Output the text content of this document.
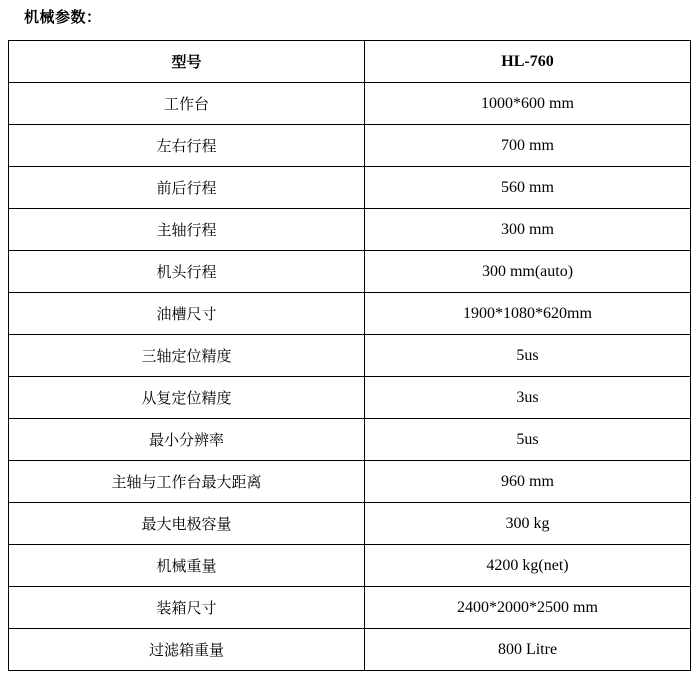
机械参数：
型号	HL-760
工作台	1000*600 mm
左右行程	700 mm
前后行程	560 mm
主轴行程	300 mm
机头行程	300 mm(auto)
油槽尺寸	1900*1080*620mm
三轴定位精度	5us
从复定位精度	3us
最小分辨率	5us
主轴与工作台最大距离	960 mm
最大电极容量	300 kg
机械重量	4200 kg(net)
装箱尺寸	2400*2000*2500 mm
过滤箱重量	800 Litre
